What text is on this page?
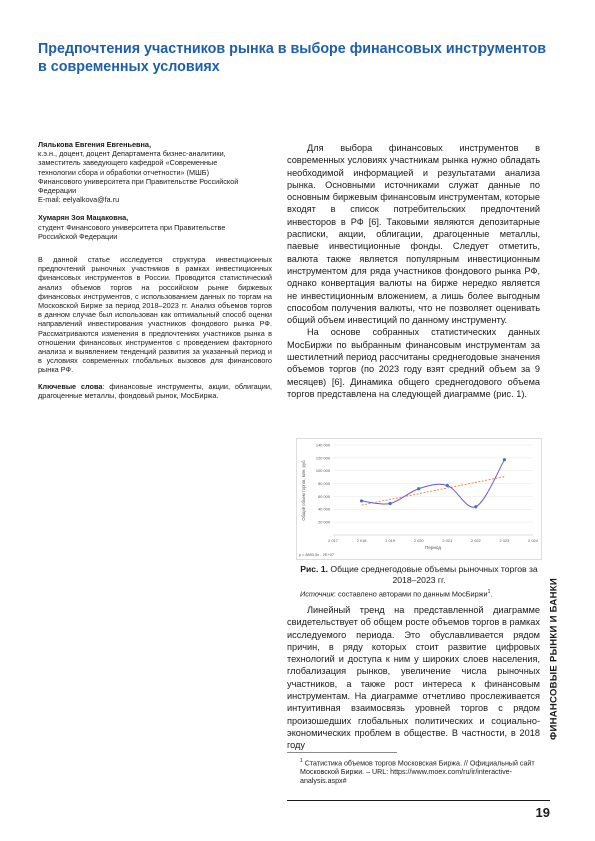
Предпочтения участников рынка в выборе финансовых инструментов
в современных условиях

Лялькова Евгения Евгеньевна,

к.э.н., доцент, доцент Департамента бизнес-аналитики,

заместитель заведующего кафедрой «Современные

технологии сбора и обработки отчетности» (МШБ)

Финансового университета при Правительстве Российской

Федерации

E-mail: eelyalkova@fa.ru

Хумарян Зоя Мацаковна,

студент Финансового университета при Правительстве

Российской Федерации

В данной статье исследуется структура инвестиционных предпочтений рыночных участников в рамках инвестиционных финансовых инструментов в России. Проводится статистический анализ объемов торгов на российском рынке биржевых финансовых инструментов, с использованием данных по торгам на Московской Бирже за период 2018–2023 гг. Анализ объемов торгов в данном случае был использован как оптимальный способ оценки направлений инвестирования участников фондового рынка РФ. Рассматриваются изменения в предпочтениях участников рынка в отношении финансовых инструментов с проведением факторного анализа и выявлением тенденций развития за указанный период и в условиях современных глобальных вызовов для финансового рынка РФ.

Ключевые слова: финансовые инструменты, акции, облигации, драгоценные металлы, фондовый рынок, МосБиржа.

Для выбора финансовых инструментов в современных условиях участникам рынка нужно обладать необходимой информацией и результатами анализа рынка. Основными источниками служат данные по основным биржевым финансовым инструментам, которые входят в список потребительских предпочтений инвесторов в РФ [6]. Таковыми являются депозитарные расписки, акции, облигации, драгоценные металлы, паевые инвестиционные фонды. Следует отметить, валюта также является популярным инвестиционным инструментом для ряда участников фондового рынка РФ, однако конвертация валюты на бирже нередко является не инвестиционным вложением, а лишь более выгодным способом получения валюты, что не позволяет оценивать общий объем инвестиций по данному инструменту.

На основе собранных статистических данных МосБиржи по выбранным финансовым инструментам за шестилетний период рассчитаны среднегодовые значения объемов торгов (по 2023 году взят средний объем за 9 месяцев) [6]. Динамика общего среднегодового объема торгов представлена на следующей диаграмме (рис. 1).

20 000
40 000
60 000
80 000
100 000
120 000
140 000
2 017	2 018	2 019	2 020	2 021	2 022	2 023	2 024
Общий объем торгов, млн. руб.
Период
y = 8893,5x - 2E+07
Рис. 1. Общие среднегодовые объемы рыночных торгов за 2018–2023 гг.
Источник: составлено авторами по данным МосБиржи$^1$.

Линейный тренд на представленной диаграмме свидетельствует об общем росте объемов торгов в рамках исследуемого периода. Это обуславливается рядом причин, в ряду которых стоит развитие цифровых технологий и доступа к ним у широких слоев населения, глобализация рынков, увеличение числа рыночных участников, а также рост интереса к финансовым инструментам. На диаграмме отчетливо прослеживается интуитивная взаимосвязь уровней торгов с рядом произошедших глобальных политических и социально-экономических проблем в обществе. В частности, в 2018 году

$^1$ Статистика объемов торгов Московская Биржа. // Официальный сайт Московской Биржи. – URL: https://www.moex.com/ru/ir/interactive-analysis.aspx#
ФИНАНСОВЫЕ РЫНКИ И БАНКИ
19
